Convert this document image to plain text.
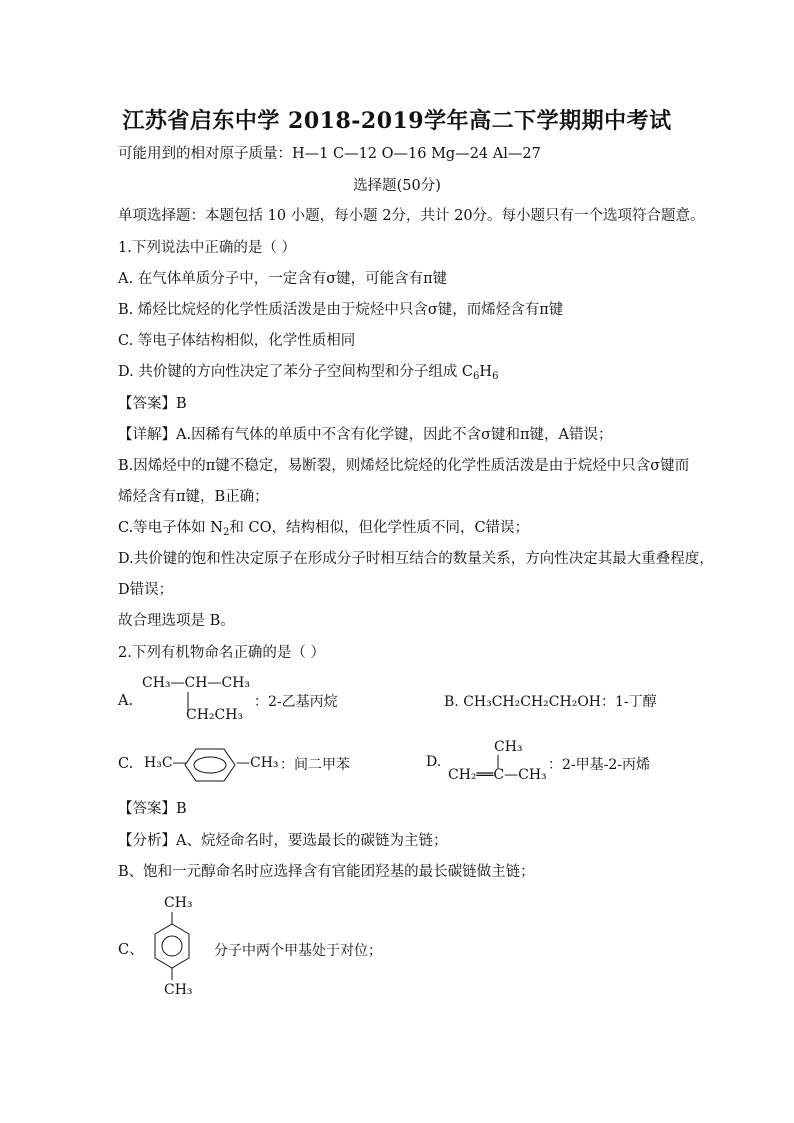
江苏省启东中学 2018-2019学年高二下学期期中考试
可能用到的相对原子质量：H—1 C—12 O—16 Mg—24 Al—27
选择题(50分)
单项选择题：本题包括 10 小题，每小题 2分，共计 20分。每小题只有一个选项符合题意。
1.下列说法中正确的是（ ）
A. 在气体单质分子中，一定含有σ键，可能含有π键
B. 烯烃比烷烃的化学性质活泼是由于烷烃中只含σ键，而烯烃含有π键
C. 等电子体结构相似，化学性质相同
D. 共价键的方向性决定了苯分子空间构型和分子组成 $C_6H_6$
【答案】B
【详解】A.因稀有气体的单质中不含有化学键，因此不含σ键和π键，A错误；
B.因烯烃中的π键不稳定，易断裂，则烯烃比烷烃的化学性质活泼是由于烷烃中只含σ键而
烯烃含有π键，B正确；
C.等电子体如 $N_2$和 CO，结构相似，但化学性质不同，C错误；
D.共价键的饱和性决定原子在形成分子时相互结合的数量关系，方向性决定其最大重叠程度，
D错误；
故合理选项是 B。
2.下列有机物命名正确的是（ ）
A.
CH₃—CH—CH₃
CH₂CH₃
：2-乙基丙烷	B. CH₃CH₂CH₂CH₂OH：1-丁醇
C. H₃C—	—CH₃ ：间二甲苯	D.
CH₃
CH₂══C—CH₃
：2-甲基-2-丙烯
【答案】B
【分析】A、烷烃命名时，要选最长的碳链为主链；
B、饱和一元醇命名时应选择含有官能团羟基的最长碳链做主链；
CH₃
C、	分子中两个甲基处于对位；
CH₃
